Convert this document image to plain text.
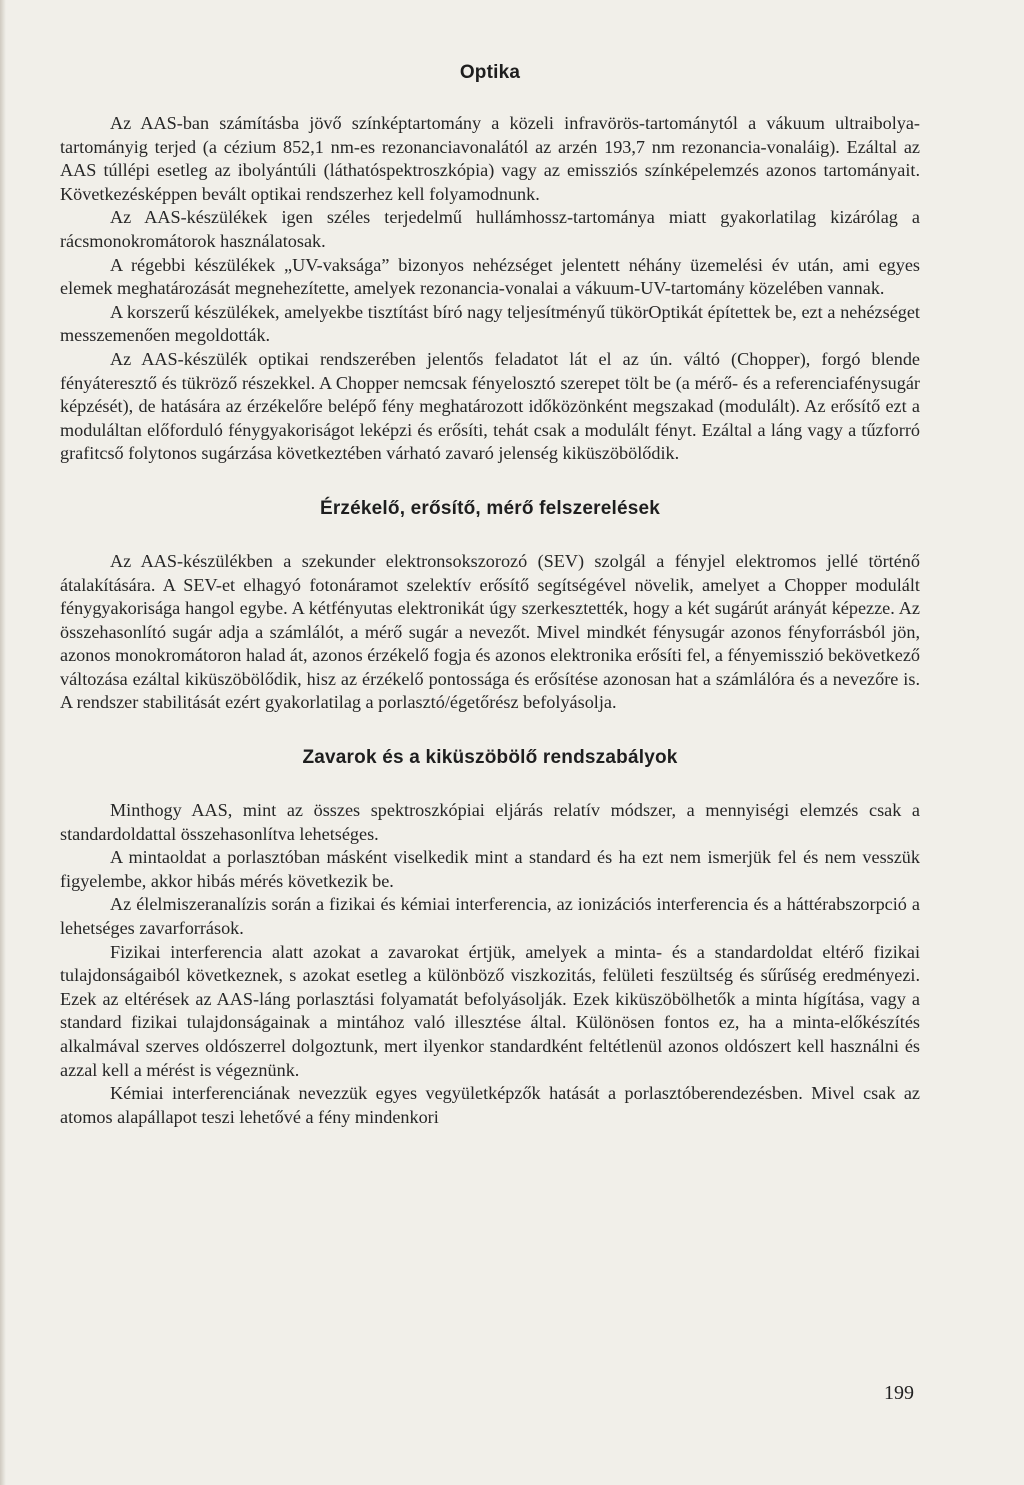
Optika

Az AAS-ban számításba jövő színképtartomány a közeli infravörös-tartománytól a vákuum ultraibolya-tartományig terjed (a cézium 852,1 nm-es rezonanciavonalától az arzén 193,7 nm rezonancia-vonaláig). Ezáltal az AAS túllépi esetleg az ibolyántúli (láthatóspektroszkópia) vagy az emissziós színképelemzés azonos tartományait. Következésképpen bevált optikai rendszerhez kell folyamodnunk.

Az AAS-készülékek igen széles terjedelmű hullámhossz-tartománya miatt gyakorlatilag kizárólag a rácsmonokromátorok használatosak.

A régebbi készülékek „UV-vaksága” bizonyos nehézséget jelentett néhány üzemelési év után, ami egyes elemek meghatározását megnehezítette, amelyek rezonancia-vonalai a vákuum-UV-tartomány közelében vannak.

A korszerű készülékek, amelyekbe tisztítást bíró nagy teljesítményű tükörOptikát építettek be, ezt a nehézséget messzemenően megoldották.

Az AAS-készülék optikai rendszerében jelentős feladatot lát el az ún. váltó (Chopper), forgó blende fényáteresztő és tükröző részekkel. A Chopper nemcsak fényelosztó szerepet tölt be (a mérő- és a referenciafénysugár képzését), de hatására az érzékelőre belépő fény meghatározott időközönként megszakad (modulált). Az erősítő ezt a moduláltan előforduló fénygyakoriságot leképzi és erősíti, tehát csak a modulált fényt. Ezáltal a láng vagy a tűzforró grafitcső folytonos sugárzása következtében várható zavaró jelenség kiküszöbölődik.

Érzékelő, erősítő, mérő felszerelések

Az AAS-készülékben a szekunder elektronsokszorozó (SEV) szolgál a fényjel elektromos jellé történő átalakítására. A SEV-et elhagyó fotonáramot szelektív erősítő segítségével növelik, amelyet a Chopper modulált fénygyakorisága hangol egybe. A kétfényutas elektronikát úgy szerkesztették, hogy a két sugárút arányát képezze. Az összehasonlító sugár adja a számlálót, a mérő sugár a nevezőt. Mivel mindkét fénysugár azonos fényforrásból jön, azonos monokromátoron halad át, azonos érzékelő fogja és azonos elektronika erősíti fel, a fényemisszió bekövetkező változása ezáltal kiküszöbölődik, hisz az érzékelő pontossága és erősítése azonosan hat a számlálóra és a nevezőre is. A rendszer stabilitását ezért gyakorlatilag a porlasztó/égetőrész befolyásolja.

Zavarok és a kiküszöbölő rendszabályok

Minthogy AAS, mint az összes spektroszkópiai eljárás relatív módszer, a mennyiségi elemzés csak a standardoldattal összehasonlítva lehetséges.

A mintaoldat a porlasztóban másként viselkedik mint a standard és ha ezt nem ismerjük fel és nem vesszük figyelembe, akkor hibás mérés következik be.

Az élelmiszeranalízis során a fizikai és kémiai interferencia, az ionizációs interferencia és a háttérabszorpció a lehetséges zavarforrások.

Fizikai interferencia alatt azokat a zavarokat értjük, amelyek a minta- és a standardoldat eltérő fizikai tulajdonságaiból következnek, s azokat esetleg a különböző viszkozitás, felületi feszültség és sűrűség eredményezi. Ezek az eltérések az AAS-láng porlasztási folyamatát befolyásolják. Ezek kiküszöbölhetők a minta hígítása, vagy a standard fizikai tulajdonságainak a mintához való illesztése által. Különösen fontos ez, ha a minta-előkészítés alkalmával szerves oldószerrel dolgoztunk, mert ilyenkor standardként feltétlenül azonos oldószert kell használni és azzal kell a mérést is végeznünk.

Kémiai interferenciának nevezzük egyes vegyületképzők hatását a porlasztóberendezésben. Mivel csak az atomos alapállapot teszi lehetővé a fény mindenkori

199
